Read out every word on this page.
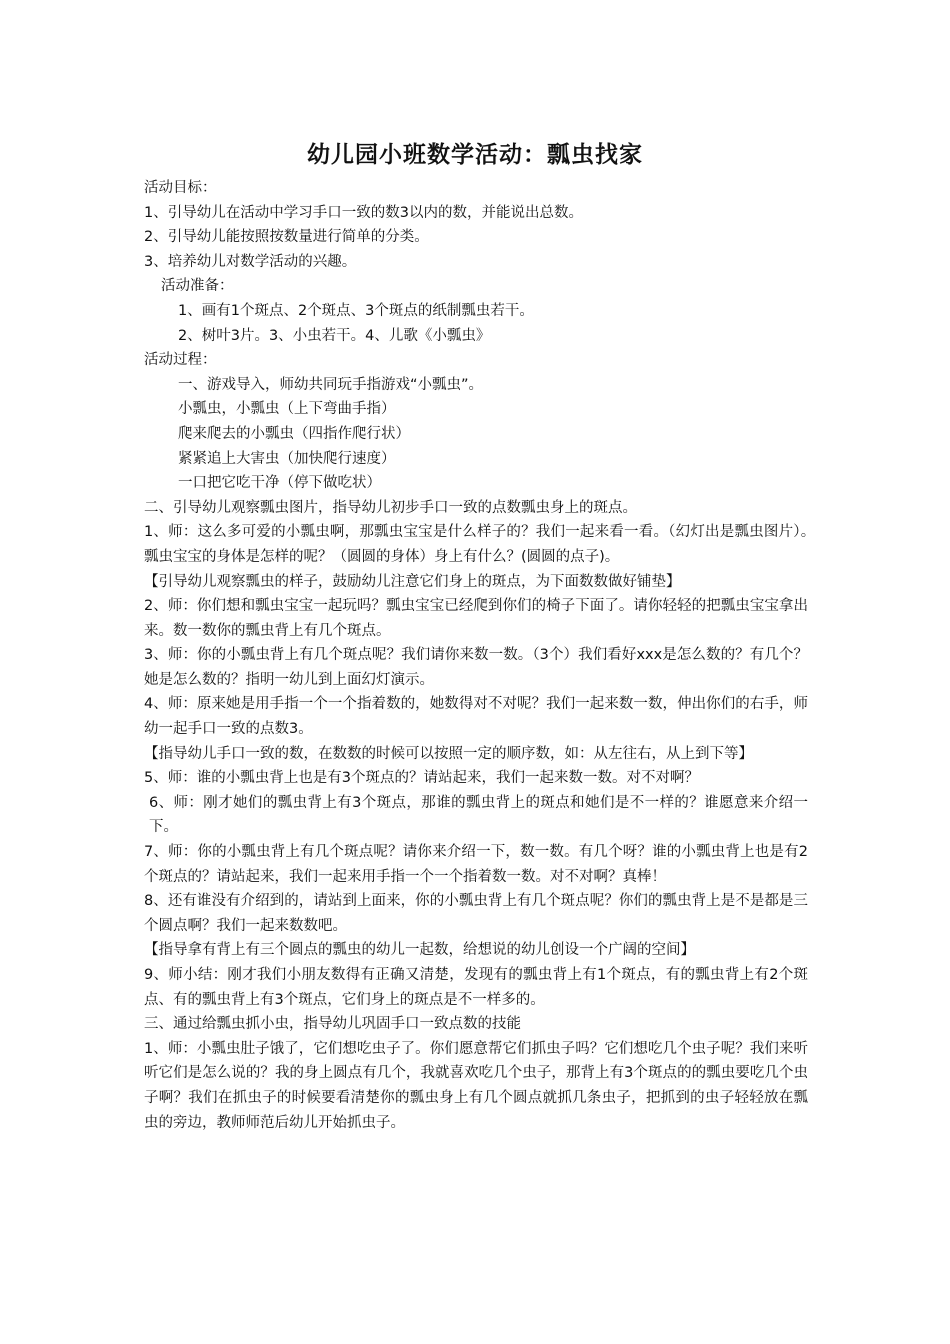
幼儿园小班数学活动：瓢虫找家

活动目标：

1、引导幼儿在活动中学习手口一致的数3以内的数，并能说出总数。

2、引导幼儿能按照按数量进行简单的分类。

3、培养幼儿对数学活动的兴趣。

活动准备：

1、画有1个斑点、2个斑点、3个斑点的纸制瓢虫若干。

2、树叶3片。3、小虫若干。4、儿歌《小瓢虫》

活动过程：

一、游戏导入，师幼共同玩手指游戏“小瓢虫”。

小瓢虫，小瓢虫（上下弯曲手指）

爬来爬去的小瓢虫（四指作爬行状）

紧紧追上大害虫（加快爬行速度）

一口把它吃干净（停下做吃状）

二、引导幼儿观察瓢虫图片，指导幼儿初步手口一致的点数瓢虫身上的斑点。

1、师：这么多可爱的小瓢虫啊，那瓢虫宝宝是什么样子的？我们一起来看一看。（幻灯出是瓢虫图片）。　　瓢虫宝宝的身体是怎样的呢？（圆圆的身体）身上有什么？(圆圆的点子)。

【引导幼儿观察瓢虫的样子，鼓励幼儿注意它们身上的斑点，为下面数数做好铺垫】

2、师：你们想和瓢虫宝宝一起玩吗？瓢虫宝宝已经爬到你们的椅子下面了。请你轻轻的把瓢虫宝宝拿出来。数一数你的瓢虫背上有几个斑点。

3、师：你的小瓢虫背上有几个斑点呢？我们请你来数一数。（3个）我们看好xxx是怎么数的？有几个？她是怎么数的？指明一幼儿到上面幻灯演示。

4、师：原来她是用手指一个一个指着数的，她数得对不对呢？我们一起来数一数，伸出你们的右手，师幼一起手口一致的点数3。

【指导幼儿手口一致的数，在数数的时候可以按照一定的顺序数，如：从左往右，从上到下等】

5、师：谁的小瓢虫背上也是有3个斑点的？请站起来，我们一起来数一数。对不对啊？

6、师：刚才她们的瓢虫背上有3个斑点，那谁的瓢虫背上的斑点和她们是不一样的？谁愿意来介绍一下。

7、师：你的小瓢虫背上有几个斑点呢？请你来介绍一下，数一数。有几个呀？谁的小瓢虫背上也是有2个斑点的？请站起来，我们一起来用手指一个一个指着数一数。对不对啊？真棒！

8、还有谁没有介绍到的，请站到上面来，你的小瓢虫背上有几个斑点呢？你们的瓢虫背上是不是都是三个圆点啊？我们一起来数数吧。

【指导拿有背上有三个圆点的瓢虫的幼儿一起数，给想说的幼儿创设一个广阔的空间】

9、师小结：刚才我们小朋友数得有正确又清楚，发现有的瓢虫背上有1个斑点，有的瓢虫背上有2个斑点、有的瓢虫背上有3个斑点，它们身上的斑点是不一样多的。

三、通过给瓢虫抓小虫，指导幼儿巩固手口一致点数的技能

1、师：小瓢虫肚子饿了，它们想吃虫子了。你们愿意帮它们抓虫子吗？它们想吃几个虫子呢？我们来听听它们是怎么说的？我的身上圆点有几个，我就喜欢吃几个虫子，那背上有3个斑点的的瓢虫要吃几个虫子啊？我们在抓虫子的时候要看清楚你的瓢虫身上有几个圆点就抓几条虫子，把抓到的虫子轻轻放在瓢虫的旁边，教师师范后幼儿开始抓虫子。
